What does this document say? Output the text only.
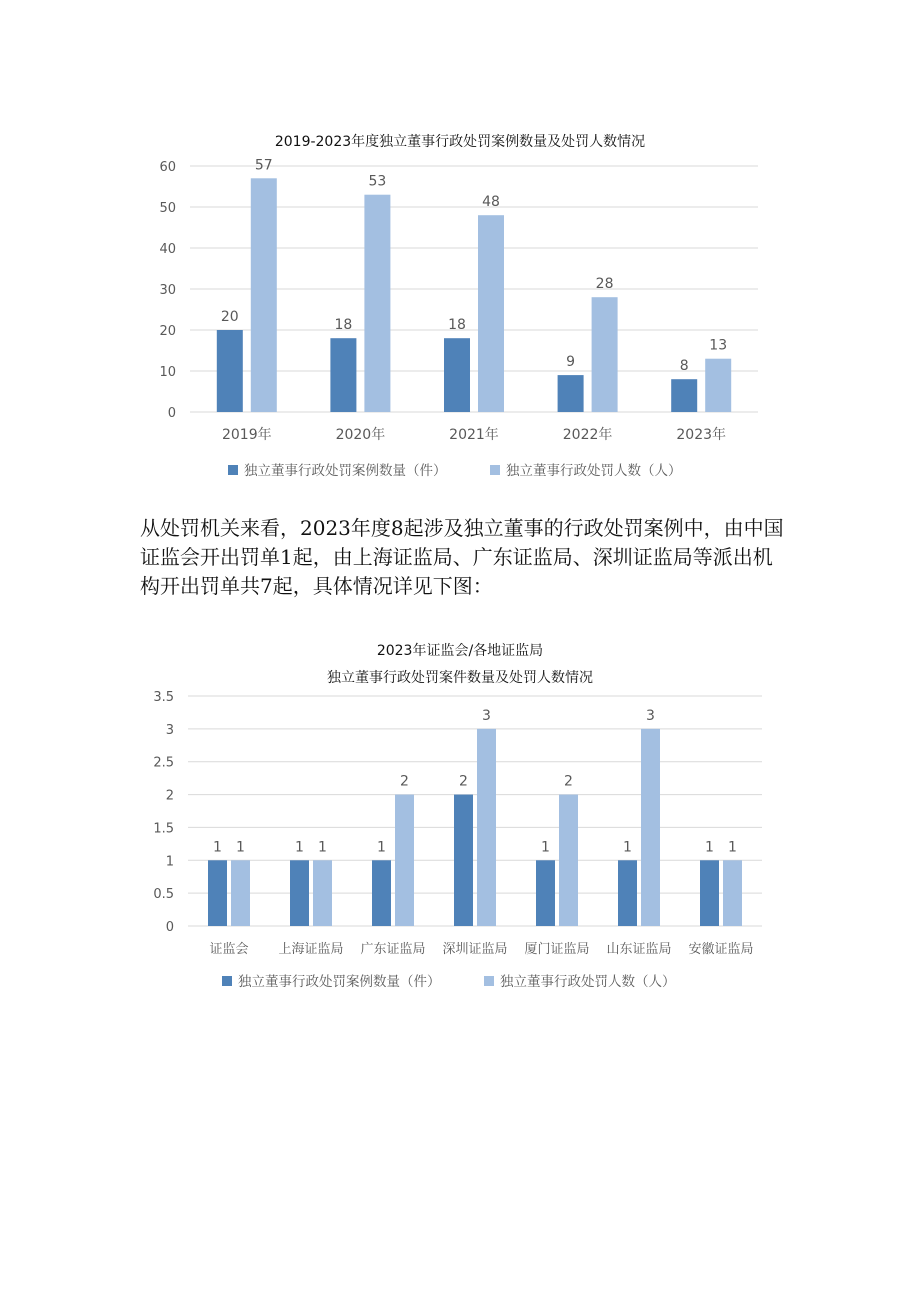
2019-2023年度独立董事行政处罚案例数量及处罚人数情况
0
10
20
30
40
50
60
20
57
2019年
18
53
2020年
18
48
2021年
9
28
2022年
8
13
2023年
独立董事行政处罚案例数量（件）	独立董事行政处罚人数（人）

从处罚机关来看，2023年度8起涉及独立董事的行政处罚案例中，由中国证监会开出罚单1起，由上海证监局、广东证监局、深圳证监局等派出机构开出罚单共7起，具体情况详见下图：

2023年证监会/各地证监局
独立董事行政处罚案件数量及处罚人数情况
0
0.5
1
1.5
2
2.5
3
3.5
1 1
证监会
1 1
上海证监局
1
2
广东证监局
2
3
深圳证监局
1
2
厦门证监局
1
3
山东证监局
1 1
安徽证监局
独立董事行政处罚案例数量（件）	独立董事行政处罚人数（人）
